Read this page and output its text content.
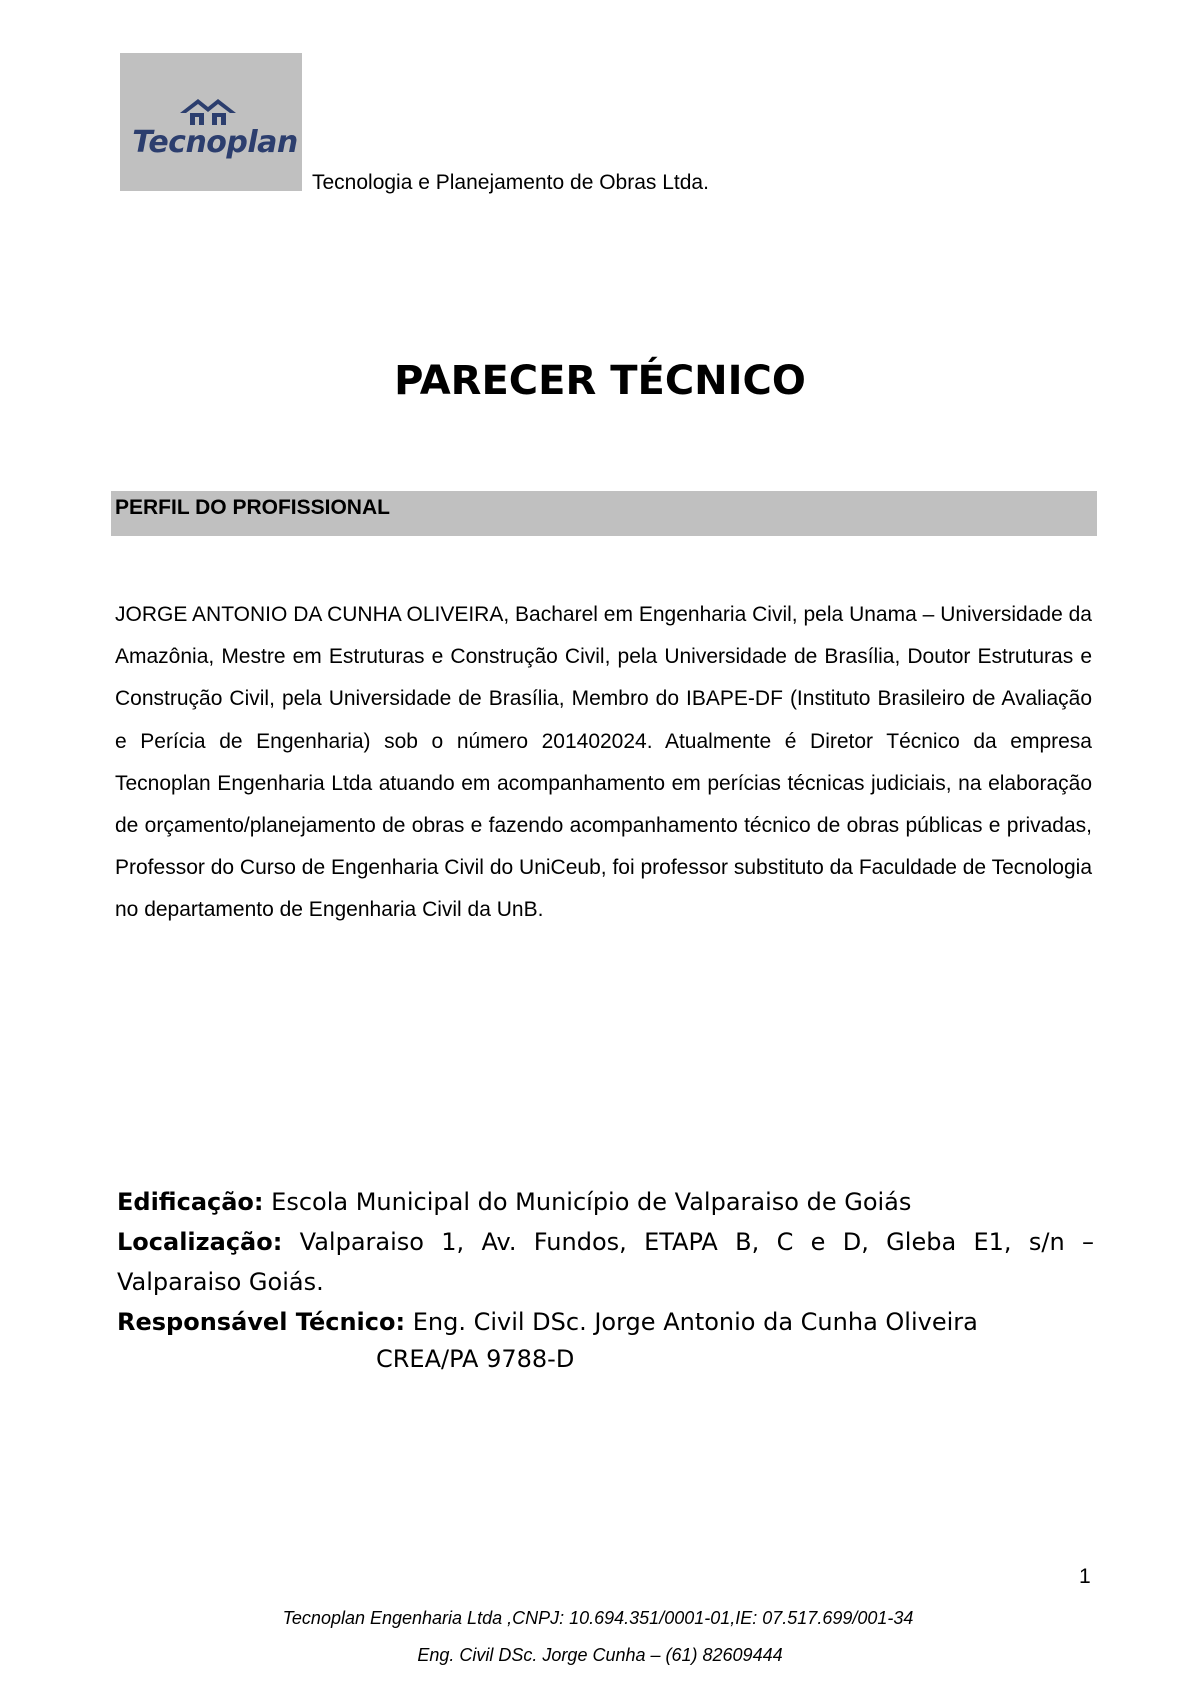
Tecnoplan
Tecnologia e Planejamento de Obras Ltda.
PARECER TÉCNICO
PERFIL DO PROFISSIONAL
JORGE ANTONIO DA CUNHA OLIVEIRA, Bacharel em Engenharia Civil, pela Unama – Universidade da Amazônia, Mestre em Estruturas e Construção Civil, pela Universidade de Brasília, Doutor Estruturas e Construção Civil, pela Universidade de Brasília, Membro do IBAPE-DF (Instituto Brasileiro de Avaliação e Perícia de Engenharia) sob o número 201402024. Atualmente é Diretor Técnico da empresa Tecnoplan Engenharia Ltda atuando em acompanhamento em perícias técnicas judiciais, na elaboração de orçamento/planejamento de obras e fazendo acompanhamento técnico de obras públicas e privadas, Professor do Curso de Engenharia Civil do UniCeub, foi professor substituto da Faculdade de Tecnologia no departamento de Engenharia Civil da UnB.

Edificação: Escola Municipal do Município de Valparaiso de Goiás

Localização: Valparaiso 1, Av. Fundos, ETAPA B, C e D, Gleba E1, s/n –

Valparaiso Goiás.

Responsável Técnico: Eng. Civil DSc. Jorge Antonio da Cunha Oliveira

CREA/PA 9788-D
1
Tecnoplan Engenharia Ltda ,CNPJ: 10.694.351/0001-01,IE: 07.517.699/001-34
Eng. Civil DSc. Jorge Cunha – (61) 82609444
